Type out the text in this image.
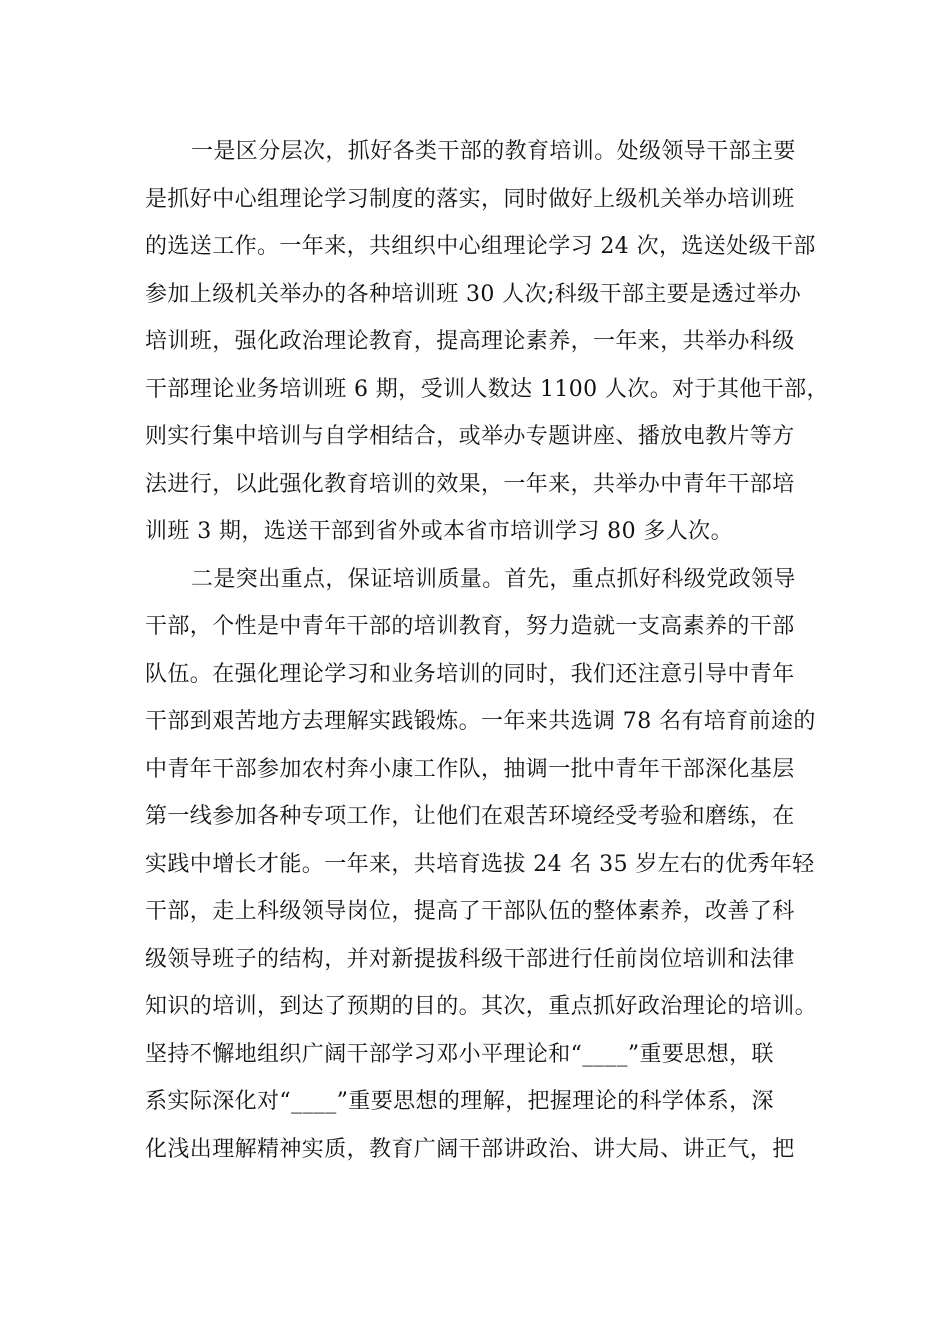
一是区分层次，抓好各类干部的教育培训。处级领导干部主要
是抓好中心组理论学习制度的落实，同时做好上级机关举办培训班
的选送工作。一年来，共组织中心组理论学习 24 次，选送处级干部
参加上级机关举办的各种培训班 30 人次;科级干部主要是透过举办
培训班，强化政治理论教育，提高理论素养，一年来，共举办科级
干部理论业务培训班 6 期，受训人数达 1100 人次。对于其他干部，
则实行集中培训与自学相结合，或举办专题讲座、播放电教片等方
法进行，以此强化教育培训的效果，一年来，共举办中青年干部培
训班 3 期，选送干部到省外或本省市培训学习 80 多人次。
二是突出重点，保证培训质量。首先，重点抓好科级党政领导
干部，个性是中青年干部的培训教育，努力造就一支高素养的干部
队伍。在强化理论学习和业务培训的同时，我们还注意引导中青年
干部到艰苦地方去理解实践锻炼。一年来共选调 78 名有培育前途的
中青年干部参加农村奔小康工作队，抽调一批中青年干部深化基层
第一线参加各种专项工作，让他们在艰苦环境经受考验和磨练，在
实践中增长才能。一年来，共培育选拔 24 名 35 岁左右的优秀年轻
干部，走上科级领导岗位，提高了干部队伍的整体素养，改善了科
级领导班子的结构，并对新提拔科级干部进行任前岗位培训和法律
知识的培训，到达了预期的目的。其次，重点抓好政治理论的培训。
坚持不懈地组织广阔干部学习邓小平理论和“____”重要思想，联
系实际深化对“____”重要思想的理解，把握理论的科学体系，深
化浅出理解精神实质，教育广阔干部讲政治、讲大局、讲正气，把
